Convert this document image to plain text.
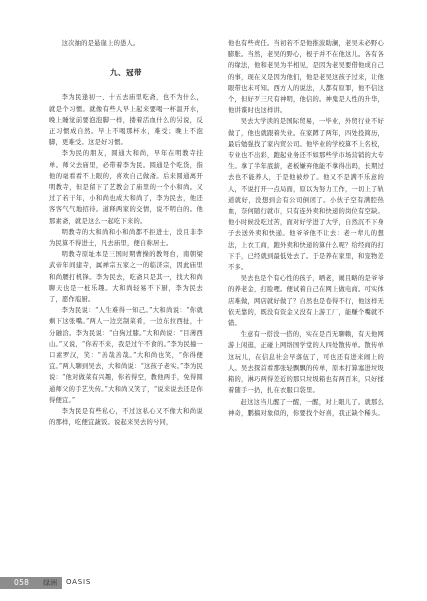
这次抽的是悬崖上的愚人。

九、冠带

李为民逢初一、十五去庙里吃斋，也不为什么，就是个习惯。就像有些人早上起来要喝一杯温开水，晚上睡觉前要泡泡脚一样，搂着活血什么的另说，反正习惯成自然。早上不喝那杯水，难受；晚上不泡脚，更难受。这是好习惯。

李为民的朋友，圆通大和尚，早年在明教寺挂单。师父去庙里，必带着李为民。圆通是个吃货，指他的毫看看不上眼的，喜欢自己做斋。后来圆通离开明教寺，但是留下了艺教会了庙里的一个小和尚。又过了若干年，小和尚也成大和尚了，李为民去，他还客客气气地招待。道释两家的交情，说不明白的。他那素斋，就是这么一起吃下来的。

明教寺的大和尚和小和尚都不拒进士，没且非李为民算不得进士，凡去庙里，便自称居士。

明教寺原址本是三国时期曹操的教弩台，南朝梁武帝年间建寺，属禅宗五家之一的临济宗，因此庙里和尚腰打机锋。李为民去，吃斋只是其一，找大和尚聊天也是一桩乐趣。大和尚轻易不下厨，李为民去了，愿作庖厨。

李为民说：“人生难得一知己。”大和尚说：“你就剩下这张嘴。”两人一边烹制菜肴，一边东拉西扯，十分融洽。李为民说：“白狗过膝。”大和尚说：“目薄西山。”又说，“你若不来，我是过午不食的。”李为民撞一口素罗汉，笑：“善哉善哉。”大和尚也笑，“你得便宜。”两人聊到吴去，大和尚说：“这孩子老实。”李为民说：“他对做菜有兴趣，你若得空，教他两手，免得圆通师父的手艺失传。”大和尚又笑了，“说来说去还是你得便宜。”

李为民是有些私心，不过这私心又不像大和尚说的那样，吃便宜蔬饭。说起来吴去的兮同，

他也有些责任。当初若不是他推波助澜，老吴未必野心膨胀。当然，老吴的野心，根子并不在他这儿。各有各的缘法，他和老吴为半相见，是因为老吴要借他成自己的事，现在又是因为他们，他是老吴这孩子过来，让他眼带也未可知。西方人的说法，人都有原罪，他不信这个，但好歹三尺有神明，他信的。神鬼是人性的升华，他讲谍时也这样讲。

吴去大学读的是国际贸易，一毕业，外贸行业不好做了，他也就跟着失业。在家蹲了两年，四处投简历，最后勉强找了家内贸公司。他毕业的学校算不上名校，专业也不出彩，跑起业务还不如那些学市场营销的大专生。拿了半年底薪，老板嫌弃他能不拿得出吗，长期过去也不能养人，于是他被炒了。他又不是满不乐意的人，不说打开一点局面，原以为努力工作，一切上了轨道就好，没想到会有公司倒闭了。小伙子空有满腔热血，奈何随行就市，只有连外卖和快递的岗位有空缺。他小时候没吃过苦，面对好学进了大学，自然沉不下身子去送外卖和快递。他爷爷他不让去：老一辈儿的想法，上衣工商，跑外卖和快递的算什么呢？给经商的打下手，已经就到最低处去了。于是养在家里，和宠物差不多。

吴去也是个有心性的孩子，晒老，闹且略的是爷爷的养老金，打脸哩。便试着自己在网上做电商。可实体店难做，网店就好做了？自然也是卷得不行，他这样无依无靠的，既没有资金又没有上游工厂，能赚个嘴就不错。

生意有一搭没一搭的，实在是百无聊赖，有天他网游上闲逛，正碰上网络国学堂的人四处散传单。散传单这玩儿，在信息社会早落伍了，可也还有进来闹上的人。吴去探首看那张轻飘飘的传单，原本打算塞进垃圾箱的，淋巧两得差近的那只垃圾箱也有两百米，只好揉着随手一扔，扎在衣服口袋里。

赶这这当儿醒了一醒，一醒，对上眼儿了。就那么神奇，鹏搞对象似的，你要找个好喜，我正缺个稀头。

058 绿洲 OASIS
